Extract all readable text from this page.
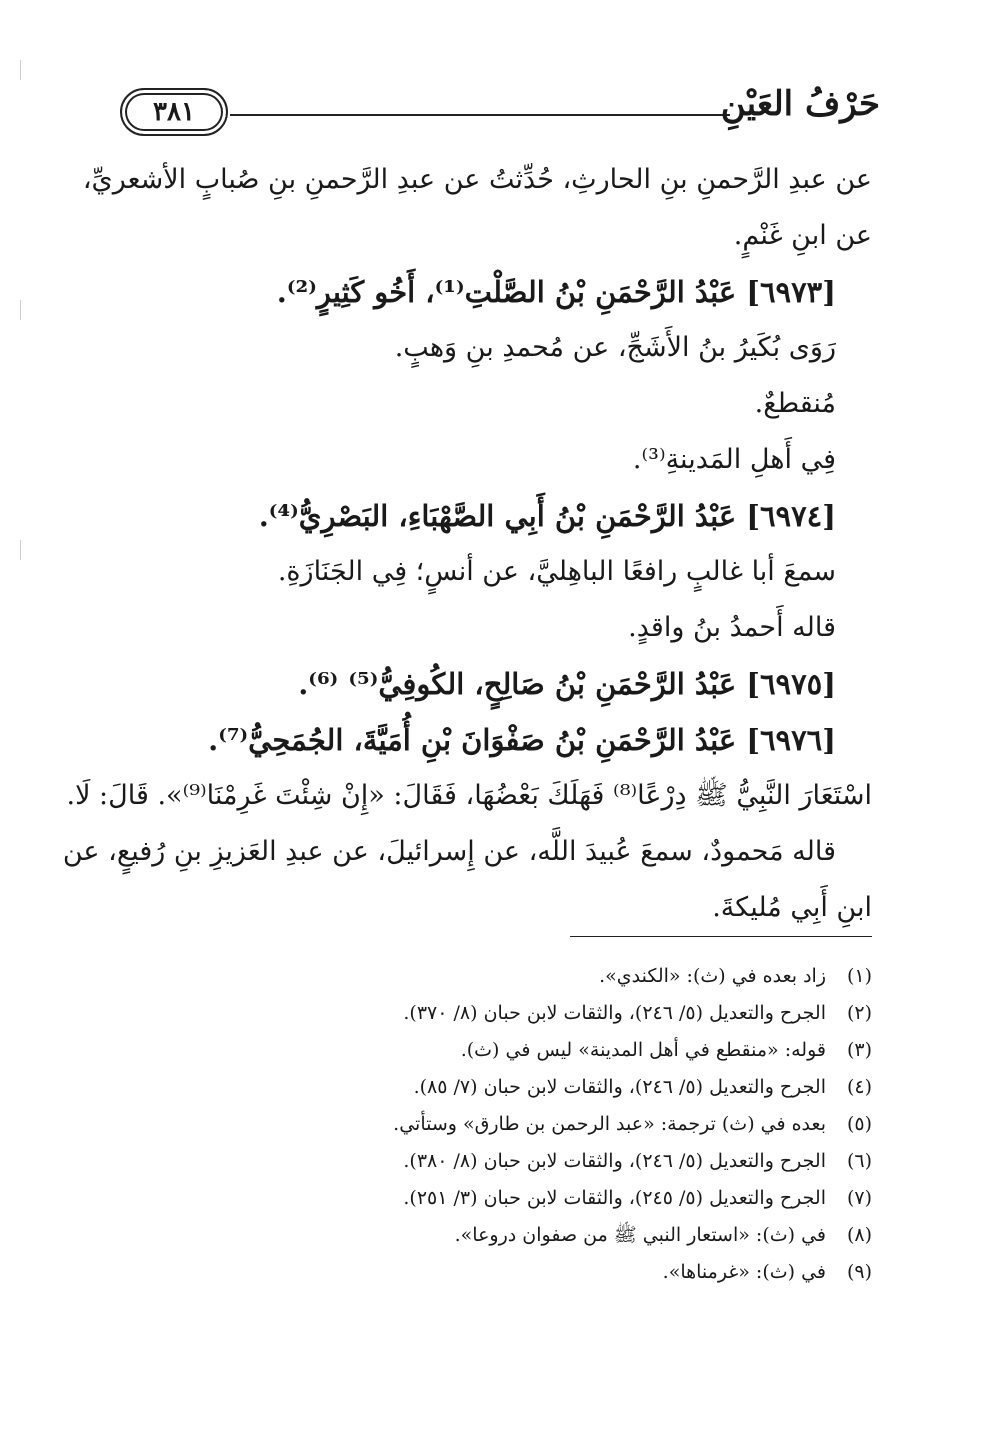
٣٨١	حَرْفُ العَيْنِ
عن عبدِ الرَّحمنِ بنِ الحارثِ، حُدِّثتُ عن عبدِ الرَّحمنِ بنِ صُبابٍ الأشعريِّ،
عن ابنِ غَنْمٍ.
[٦٩٧٣] عَبْدُ الرَّحْمَنِ بْنُ الصَّلْتِ⁽¹⁾، أَخُو كَثِيرٍ⁽²⁾.
رَوَى بُكَيرُ بنُ الأَشَجِّ، عن مُحمدِ بنِ وَهبٍ.
مُنقطعٌ.
فِي أَهلِ المَدينةِ⁽³⁾.
[٦٩٧٤] عَبْدُ الرَّحْمَنِ بْنُ أَبِي الصَّهْبَاءِ، البَصْرِيُّ⁽⁴⁾.
سمعَ أبا غالبٍ رافعًا الباهِليَّ، عن أنسٍ؛ فِي الجَنَازَةِ.
قاله أَحمدُ بنُ واقدٍ.
[٦٩٧٥] عَبْدُ الرَّحْمَنِ بْنُ صَالِحٍ، الكُوفِيُّ⁽⁵⁾ ⁽⁶⁾.
[٦٩٧٦] عَبْدُ الرَّحْمَنِ بْنُ صَفْوَانَ بْنِ أُمَيَّةَ، الجُمَحِيُّ⁽⁷⁾.
اسْتَعَارَ النَّبِيُّ ﷺ دِرْعًا⁽⁸⁾ فَهَلَكَ بَعْضُهَا، فَقَالَ: «إِنْ شِئْتَ غَرِمْنَا⁽⁹⁾». قَالَ: لَا.
قاله مَحمودٌ، سمعَ عُبيدَ اللَّه، عن إِسرائيلَ، عن عبدِ العَزيزِ بنِ رُفيعٍ، عن
ابنِ أَبِي مُليكةَ.
(١)زاد بعده في (ث): «الكندي».
(٢)الجرح والتعديل (٥/ ٢٤٦)، والثقات لابن حبان (٨/ ٣٧٠).
(٣)قوله: «منقطع في أهل المدينة» ليس في (ث).
(٤)الجرح والتعديل (٥/ ٢٤٦)، والثقات لابن حبان (٧/ ٨٥).
(٥)بعده في (ث) ترجمة: «عبد الرحمن بن طارق» وستأتي.
(٦)الجرح والتعديل (٥/ ٢٤٦)، والثقات لابن حبان (٨/ ٣٨٠).
(٧)الجرح والتعديل (٥/ ٢٤٥)، والثقات لابن حبان (٣/ ٢٥١).
(٨)في (ث): «استعار النبي ﷺ من صفوان دروعا».
(٩)في (ث): «غرمناها».
